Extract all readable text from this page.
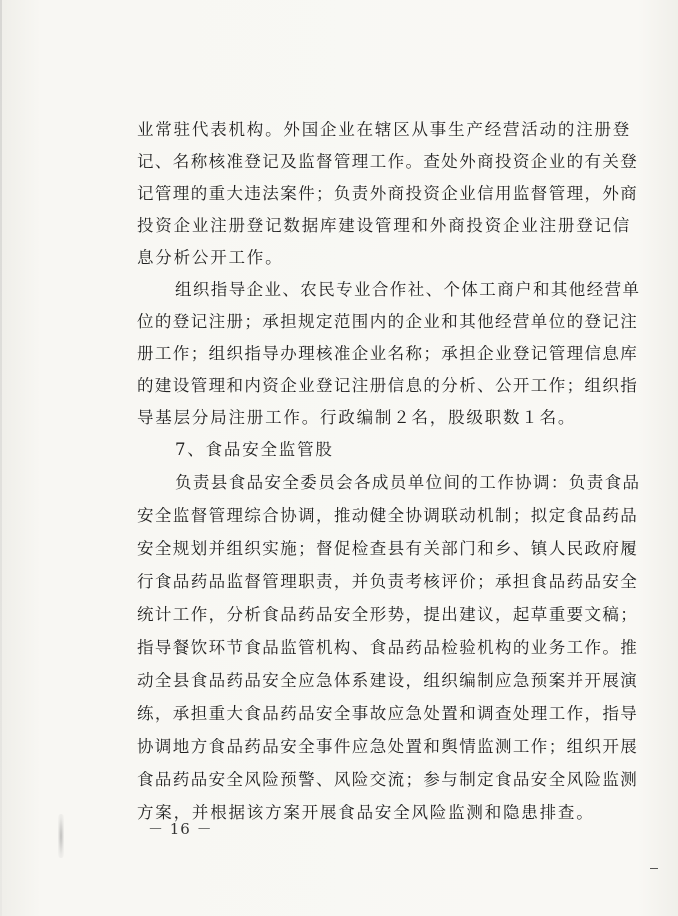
业常驻代表机构。外国企业在辖区从事生产经营活动的注册登
记、名称核准登记及监督管理工作。查处外商投资企业的有关登
记管理的重大违法案件；负责外商投资企业信用监督管理，外商
投资企业注册登记数据库建设管理和外商投资企业注册登记信
息分析公开工作。
组织指导企业、农民专业合作社、个体工商户和其他经营单
位的登记注册；承担规定范围内的企业和其他经营单位的登记注
册工作；组织指导办理核准企业名称；承担企业登记管理信息库
的建设管理和内资企业登记注册信息的分析、公开工作；组织指
导基层分局注册工作。行政编制２名，股级职数１名。
7、食品安全监管股
负责县食品安全委员会各成员单位间的工作协调：负责食品
安全监督管理综合协调，推动健全协调联动机制；拟定食品药品
安全规划并组织实施；督促检查县有关部门和乡、镇人民政府履
行食品药品监督管理职责，并负责考核评价；承担食品药品安全
统计工作，分析食品药品安全形势，提出建议，起草重要文稿；
指导餐饮环节食品监管机构、食品药品检验机构的业务工作。推
动全县食品药品安全应急体系建设，组织编制应急预案并开展演
练，承担重大食品药品安全事故应急处置和调查处理工作，指导
协调地方食品药品安全事件应急处置和舆情监测工作；组织开展
食品药品安全风险预警、风险交流；参与制定食品安全风险监测
方案，并根据该方案开展食品安全风险监测和隐患排查。
－ 16 －
